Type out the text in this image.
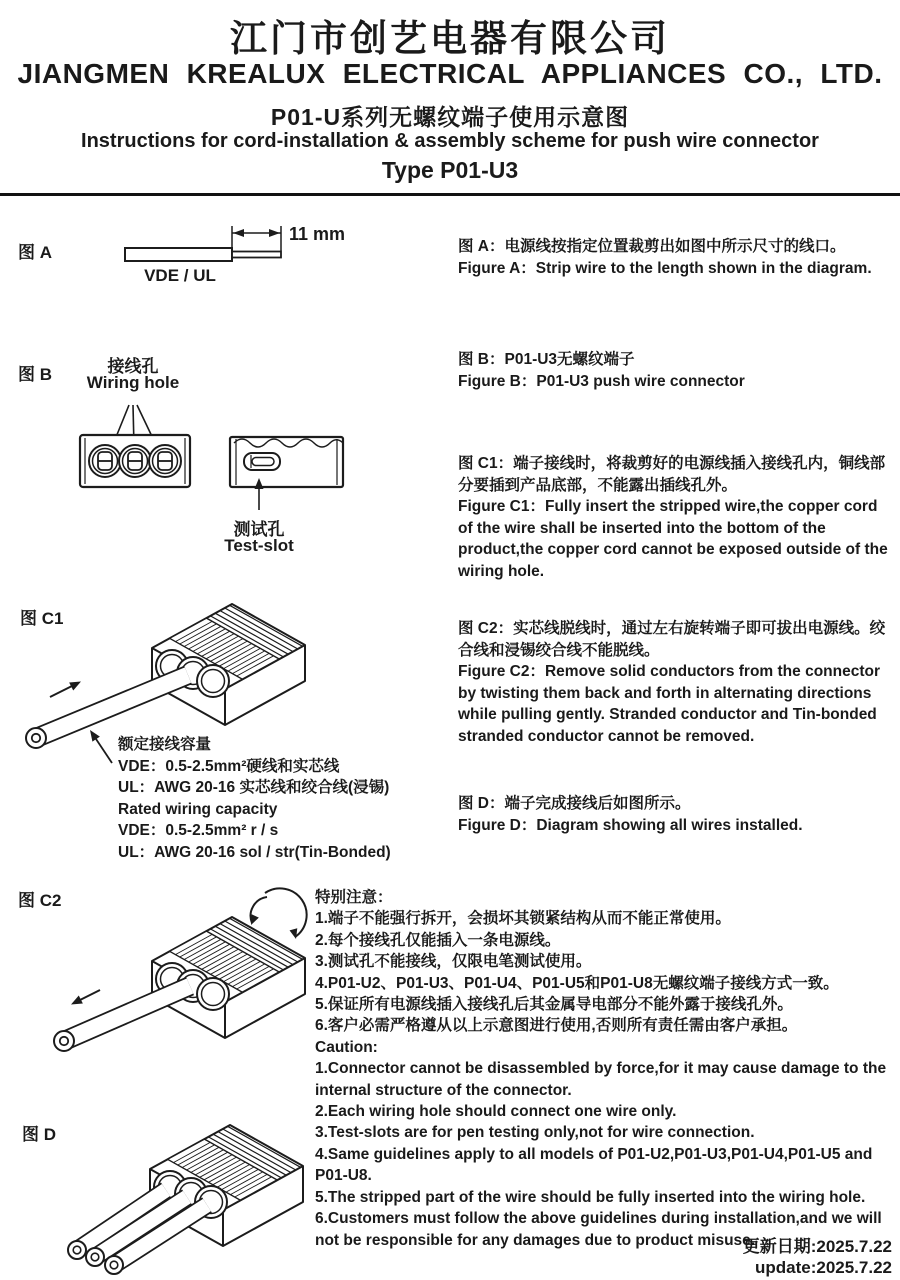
江门市创艺电器有限公司
JIANGMEN KREALUX ELECTRICAL APPLIANCES CO., LTD.
P01-U系列无螺纹端子使用示意图
Instructions for cord-installation & assembly scheme for push wire connector
Type P01-U3
图 A
11 mm
VDE / UL
图 B	接线孔
Wiring hole
测试孔
Test-slot
图 C1
额定接线容量
VDE：0.5-2.5mm²硬线和实芯线
UL：AWG 20-16 实芯线和绞合线(浸锡)
Rated wiring capacity
VDE：0.5-2.5mm² r / s
UL：AWG 20-16 sol / str(Tin-Bonded)
图 C2
图 D
图 A：电源线按指定位置裁剪出如图中所示尺寸的线口。
Figure A：Strip wire to the length shown in the diagram.
图 B：P01-U3无螺纹端子
Figure B：P01-U3 push wire connector
图 C1：端子接线时，将裁剪好的电源线插入接线孔内，铜线部分要插到产品底部，不能露出插线孔外。
Figure C1：Fully insert the stripped wire,the copper cord of the wire shall be inserted into the bottom of the product,the copper cord cannot be exposed outside of the wiring hole.
图 C2：实芯线脱线时，通过左右旋转端子即可拔出电源线。绞合线和浸锡绞合线不能脱线。
Figure C2：Remove solid conductors from the connector by twisting them back and forth in alternating directions while pulling gently. Stranded conductor and Tin-bonded stranded conductor cannot be removed.
图 D：端子完成接线后如图所示。
Figure D：Diagram showing all wires installed.
特别注意：
1.端子不能强行拆开，会损坏其锁紧结构从而不能正常使用。
2.每个接线孔仅能插入一条电源线。
3.测试孔不能接线，仅限电笔测试使用。
4.P01-U2、P01-U3、P01-U4、P01-U5和P01-U8无螺纹端子接线方式一致。
5.保证所有电源线插入接线孔后其金属导电部分不能外露于接线孔外。
6.客户必需严格遵从以上示意图进行使用,否则所有责任需由客户承担。
Caution:
1.Connector cannot be disassembled by force,for it may cause damage to the internal structure of the connector.
2.Each wiring hole should connect one wire only.
3.Test-slots are for pen testing only,not for wire connection.
4.Same guidelines apply to all models of P01-U2,P01-U3,P01-U4,P01-U5 and P01-U8.
5.The stripped part of the wire should be fully inserted into the wiring hole.
6.Customers must follow the above guidelines during installation,and we will not be responsible for any damages due to product misuse.
更新日期:2025.7.22
update:2025.7.22
